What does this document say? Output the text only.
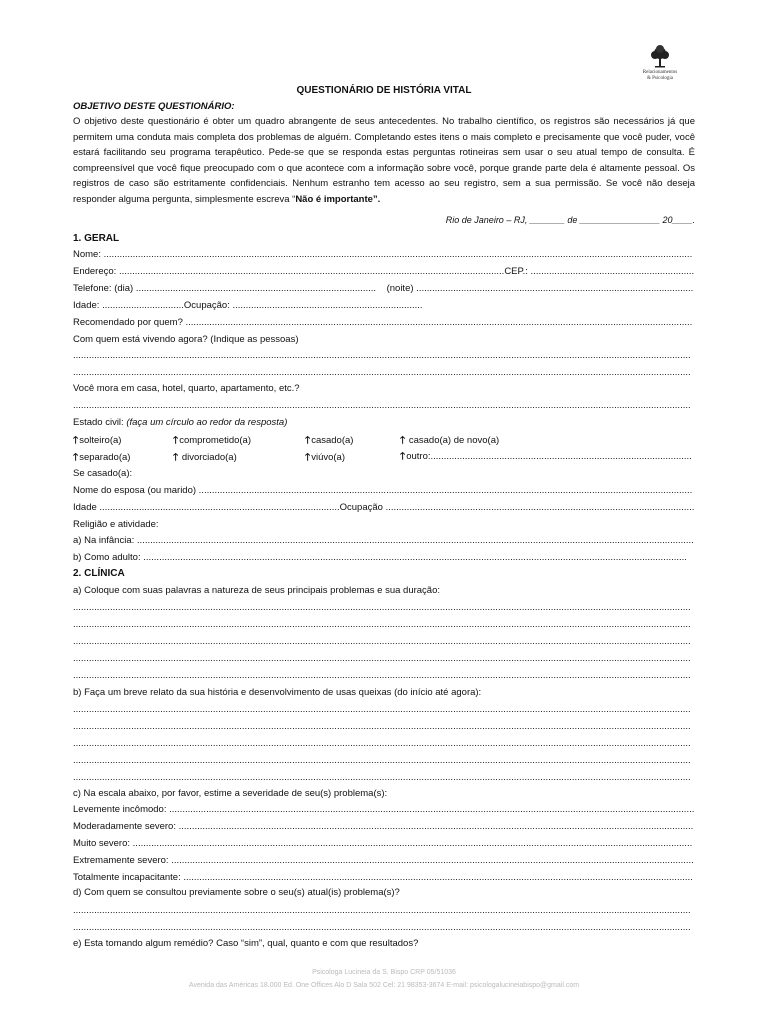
Relacionamentos
& Psicologia
QUESTIONÁRIO DE HISTÓRIA VITAL
OBJETIVO DESTE QUESTIONÁRIO:
O objetivo deste questionário é obter um quadro abrangente de seus antecedentes. No trabalho científico, os registros são necessários já que permitem uma conduta mais completa dos problemas de alguém. Completando estes itens o mais completo e precisamente que você puder, você estará facilitando seu programa terapêutico. Pede-se que se responda estas perguntas rotineiras sem usar o seu atual tempo de consulta. É compreensível que você fique preocupado com o que acontece com a informação sobre você, porque grande parte dela é altamente pessoal. Os registros de caso são estritamente confidenciais. Nenhum estranho tem acesso ao seu registro, sem a sua permissão. Se você não deseja responder alguma pergunta, simplesmente escreva “Não é importante”.
Rio de Janeiro – RJ, _______ de ________________ 20____.
1. GERAL
Nome: ...............................................................................................................................................................................................................................
Endereço: ..................................................................................................................................................CEP.: ..............................................................
Telefone: (dia) ........................................................................................... (noite) .........................................................................................................
Idade: ...............................Ocupação: ........................................................................
Recomendado por quem? ................................................................................................................................................................................................
Com quem está vivendo agora? (Indique as pessoas)
..........................................................................................................................................................................................................................................
..........................................................................................................................................................................................................................................
Você mora em casa, hotel, quarto, apartamento, etc.?
..........................................................................................................................................................................................................................................
Estado civil: (faça um círculo ao redor da resposta)
🡑solteiro(a)	🡑comprometido(a)	🡑casado(a)	🡑 casado(a) de novo(a)
🡑separado(a)	🡑 divorciado(a)	🡑viúvo(a)	🡑outro:...................................................................................................
Se casado(a):
Nome do esposa (ou marido) ...........................................................................................................................................................................................
Idade ...........................................................................................Ocupação .....................................................................................................................
Religião e atividade:
a) Na infância: ...................................................................................................................................................................................................................
b) Como adulto: ..............................................................................................................................................................................................................
2. CLÍNICA
a) Coloque com suas palavras a natureza de seus principais problemas e sua duração:
..........................................................................................................................................................................................................................................
..........................................................................................................................................................................................................................................
..........................................................................................................................................................................................................................................
..........................................................................................................................................................................................................................................
..........................................................................................................................................................................................................................................
b) Faça um breve relato da sua história e desenvolvimento de usas queixas (do início até agora):
..........................................................................................................................................................................................................................................
..........................................................................................................................................................................................................................................
..........................................................................................................................................................................................................................................
..........................................................................................................................................................................................................................................
..........................................................................................................................................................................................................................................
c) Na escala abaixo, por favor, estime a severidade de seu(s) problema(s):
Levemente incômodo: .......................................................................................................................................................................................................
Moderadamente severo: ...................................................................................................................................................................................................
Muito severo: ....................................................................................................................................................................................................................
Extremamente severo: ......................................................................................................................................................................................................
Totalmente incapacitante: .................................................................................................................................................................................................
d) Com quem se consultou previamente sobre o seu(s) atual(is) problema(s)?
..........................................................................................................................................................................................................................................
..........................................................................................................................................................................................................................................
e) Esta tomando algum remédio? Caso “sim”, qual, quanto e com que resultados?
Psicologa Lucineia da S. Bispo CRP 05/51036
Avenida das Américas 18.000 Ed. One Offices Alo D Sala 502 Cel: 21 98353-3674 E-mail: psicologalucineiabispo@gmail.com
